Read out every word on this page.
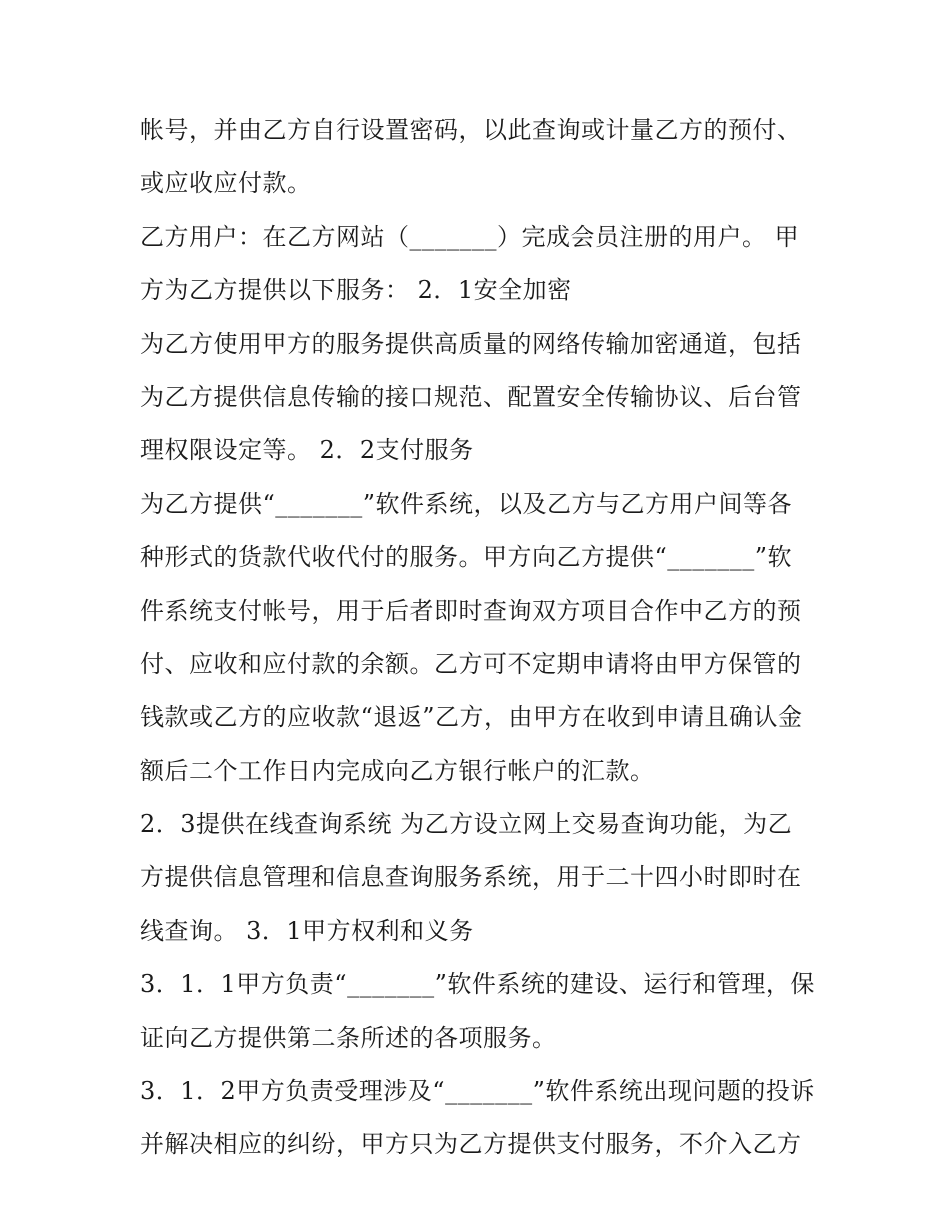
帐号，并由乙方自行设置密码，以此查询或计量乙方的预付、
或应收应付款。
乙方用户：在乙方网站（_______）完成会员注册的用户。 甲
方为乙方提供以下服务： 2．1安全加密
为乙方使用甲方的服务提供高质量的网络传输加密通道，包括
为乙方提供信息传输的接口规范、配置安全传输协议、后台管
理权限设定等。 2．2支付服务
为乙方提供“_______”软件系统，以及乙方与乙方用户间等各
种形式的货款代收代付的服务。甲方向乙方提供“_______”软
件系统支付帐号，用于后者即时查询双方项目合作中乙方的预
付、应收和应付款的余额。乙方可不定期申请将由甲方保管的
钱款或乙方的应收款“退返”乙方，由甲方在收到申请且确认金
额后二个工作日内完成向乙方银行帐户的汇款。
2．3提供在线查询系统 为乙方设立网上交易查询功能，为乙
方提供信息管理和信息查询服务系统，用于二十四小时即时在
线查询。 3．1甲方权利和义务
3．1．1甲方负责“_______”软件系统的建设、运行和管理，保
证向乙方提供第二条所述的各项服务。
3．1．2甲方负责受理涉及“_______”软件系统出现问题的投诉
并解决相应的纠纷，甲方只为乙方提供支付服务，不介入乙方
